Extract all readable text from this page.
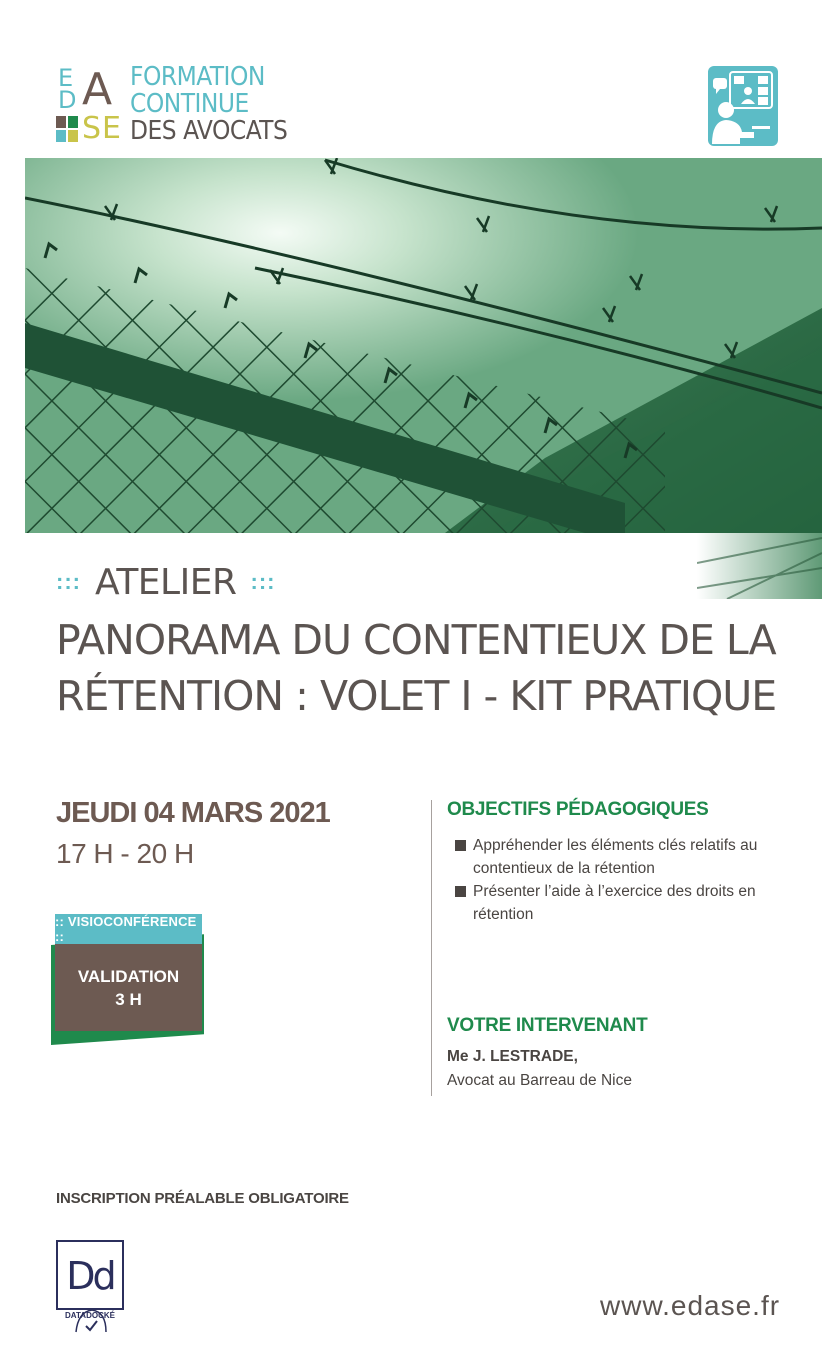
E
D A
S E
FORMATION
CONTINUE
DES AVOCATS
::: ATELIER :::
PANORAMA DU CONTENTIEUX DE LA
RÉTENTION : VOLET I - KIT PRATIQUE
JEUDI 04 MARS 2021
17 H - 20 H
:: VISIOCONFÉRENCE ::
VALIDATION
3 H
OBJECTIFS PÉDAGOGIQUES
Appréhender les éléments clés relatifs au contentieux de la rétention
Présenter l’aide à l’exercice des droits en rétention
VOTRE INTERVENANT
Me J. LESTRADE,
Avocat au Barreau de Nice
INSCRIPTION PRÉALABLE OBLIGATOIRE
Dd
DATADOCKÉ	www.edase.fr
